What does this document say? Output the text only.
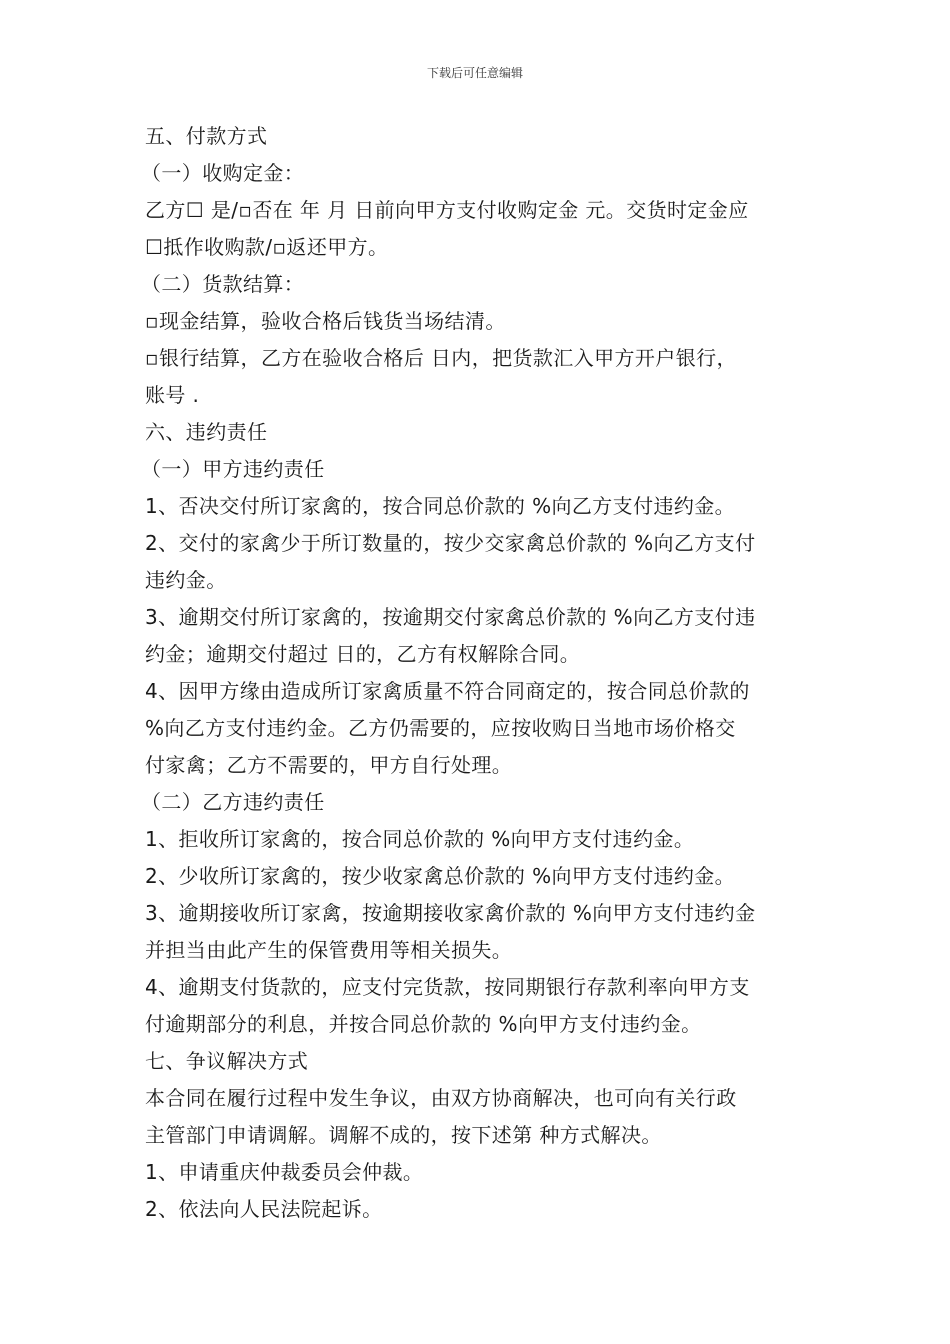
下载后可任意编辑
五、付款方式
（一）收购定金：
乙方☐ 是/▫否在 年 月 日前向甲方支付收购定金 元。交货时定金应
☐抵作收购款/▫返还甲方。
（二）货款结算：
▫现金结算，验收合格后钱货当场结清。
▫银行结算，乙方在验收合格后 日内，把货款汇入甲方开户银行，
账号 .
六、违约责任
（一）甲方违约责任
1、否决交付所订家禽的，按合同总价款的 %向乙方支付违约金。
2、交付的家禽少于所订数量的，按少交家禽总价款的 %向乙方支付
违约金。
3、逾期交付所订家禽的，按逾期交付家禽总价款的 %向乙方支付违
约金；逾期交付超过 日的，乙方有权解除合同。
4、因甲方缘由造成所订家禽质量不符合同商定的，按合同总价款的
%向乙方支付违约金。乙方仍需要的，应按收购日当地市场价格交
付家禽；乙方不需要的，甲方自行处理。
（二）乙方违约责任
1、拒收所订家禽的，按合同总价款的 %向甲方支付违约金。
2、少收所订家禽的，按少收家禽总价款的 %向甲方支付违约金。
3、逾期接收所订家禽，按逾期接收家禽价款的 %向甲方支付违约金
并担当由此产生的保管费用等相关损失。
4、逾期支付货款的，应支付完货款，按同期银行存款利率向甲方支
付逾期部分的利息，并按合同总价款的 %向甲方支付违约金。
七、争议解决方式
本合同在履行过程中发生争议，由双方协商解决，也可向有关行政
主管部门申请调解。调解不成的，按下述第 种方式解决。
1、申请重庆仲裁委员会仲裁。
2、依法向人民法院起诉。
